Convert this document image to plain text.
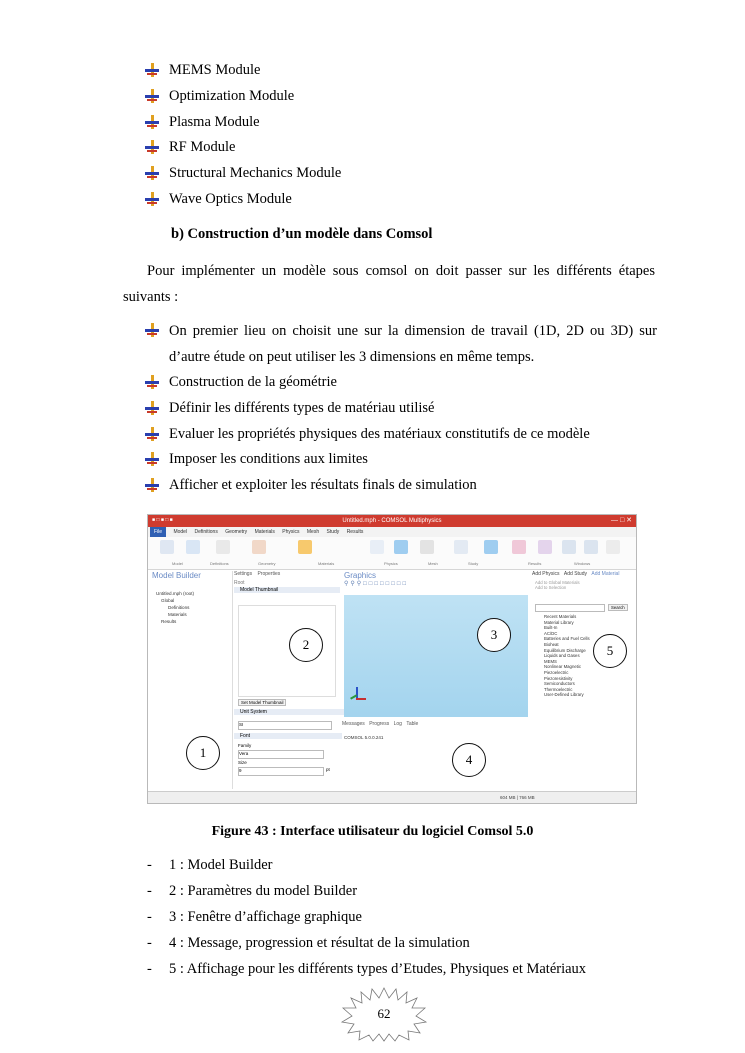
MEMS Module
Optimization Module
Plasma Module
RF Module
Structural Mechanics Module
Wave Optics Module
b) Construction d’un modèle dans Comsol
Pour implémenter un modèle sous comsol on doit passer sur les différents étapes suivants :
On premier lieu on choisit une sur la dimension de travail (1D, 2D ou 3D) sur d’autre étude on peut utiliser les 3 dimensions en même temps.
Construction de la géométrie
Définir les différents types de matériau utilisé
Evaluer les propriétés physiques des matériaux constitutifs de ce modèle
Imposer les conditions aux limites
Afficher et exploiter les résultats finals de simulation
■ □ ■ □ ■	Untitled.mph - COMSOL Multiphysics	— □ ✕
File Model Definitions Geometry Materials Physics Mesh Study Results
Model	Definitions	Geometry	Materials	Physics	Mesh	Study	Results	Windows
Model Builder
Untitled.mph (root)
Global
Definitions
Materials
Results
Settings Properties
Root
Model Thumbnail
Set Model Thumbnail
Unit System
SI
Font
Family
Vera
Size
9	pt
Graphics
⚲⚲⚲□□□□□□□□
Messages Progress Log Table
COMSOL 5.0.0.241
Add Physics Add Study Add Material
Add to Global Materials
Add to Selection
Search
Recent Materials
Material Library
Built-In
AC/DC
Batteries and Fuel Cells
Bioheat
Equilibrium Discharge
Liquids and Gases
MEMS
Nonlinear Magnetic
Piezoelectric
Piezoresistivity
Semiconductors
Thermoelectric
User-Defined Library
604 MB | 766 MB
1
2
3
4
5
Figure 43 : Interface utilisateur du logiciel Comsol 5.0
- 1 : Model Builder
- 2 : Paramètres du model Builder
- 3 : Fenêtre d’affichage graphique
- 4 : Message, progression et résultat de la simulation
- 5 : Affichage pour les différents types d’Etudes, Physiques et Matériaux
62
